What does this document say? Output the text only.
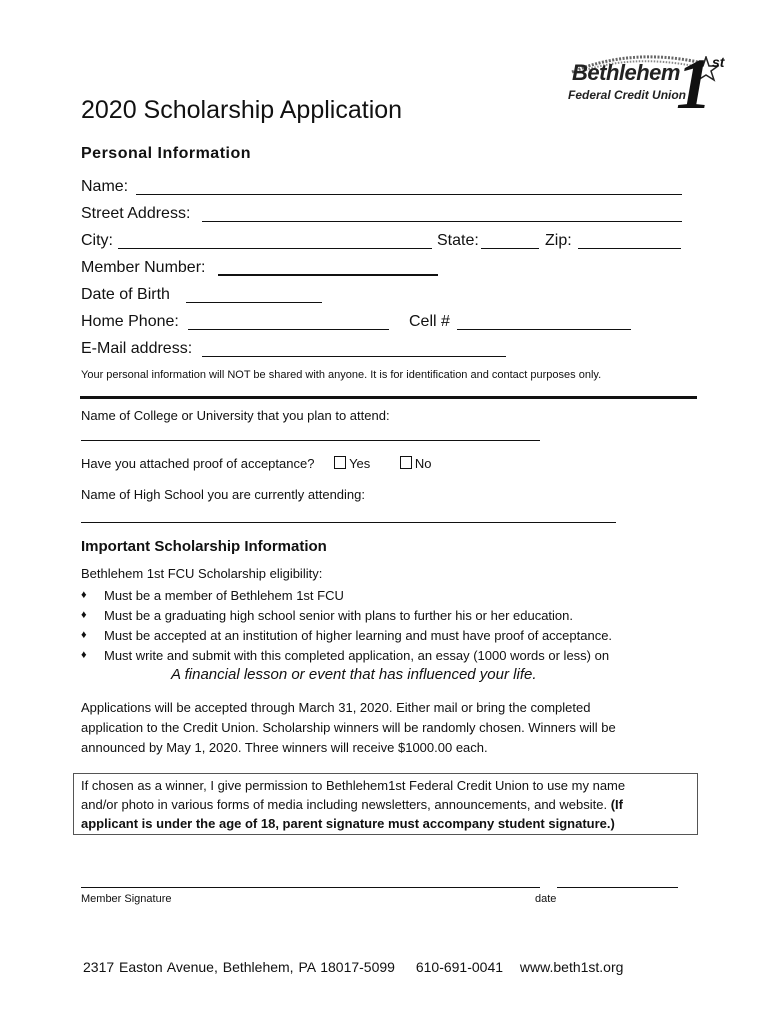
Bethlehem
Federal Credit Union
1 st
2020 Scholarship Application
Personal Information
Name:
Street Address:
City:	State:	Zip:
Member Number:
Date of Birth
Home Phone:	Cell #
E-Mail address:
Your personal information will NOT be shared with anyone. It is for identification and contact purposes only.
Name of College or University that you plan to attend:
Have you attached proof of acceptance?	Yes	No
Name of High School you are currently attending:
Important Scholarship Information
Bethlehem 1st FCU Scholarship eligibility:
♦ Must be a member of Bethlehem 1st FCU
♦ Must be a graduating high school senior with plans to further his or her education.
♦ Must be accepted at an institution of higher learning and must have proof of acceptance.
♦ Must write and submit with this completed application, an essay (1000 words or less) on
A financial lesson or event that has influenced your life.
Applications will be accepted through March 31, 2020. Either mail or bring the completed
application to the Credit Union. Scholarship winners will be randomly chosen. Winners will be
announced by May 1, 2020. Three winners will receive $1000.00 each.
If chosen as a winner, I give permission to Bethlehem1st Federal Credit Union to use my name
and/or photo in various forms of media including newsletters, announcements, and website. (If
applicant is under the age of 18, parent signature must accompany student signature.)
Member Signature	date
2317 Easton Avenue, Bethlehem, PA 18017-5099 610-691-0041 www.beth1st.org
